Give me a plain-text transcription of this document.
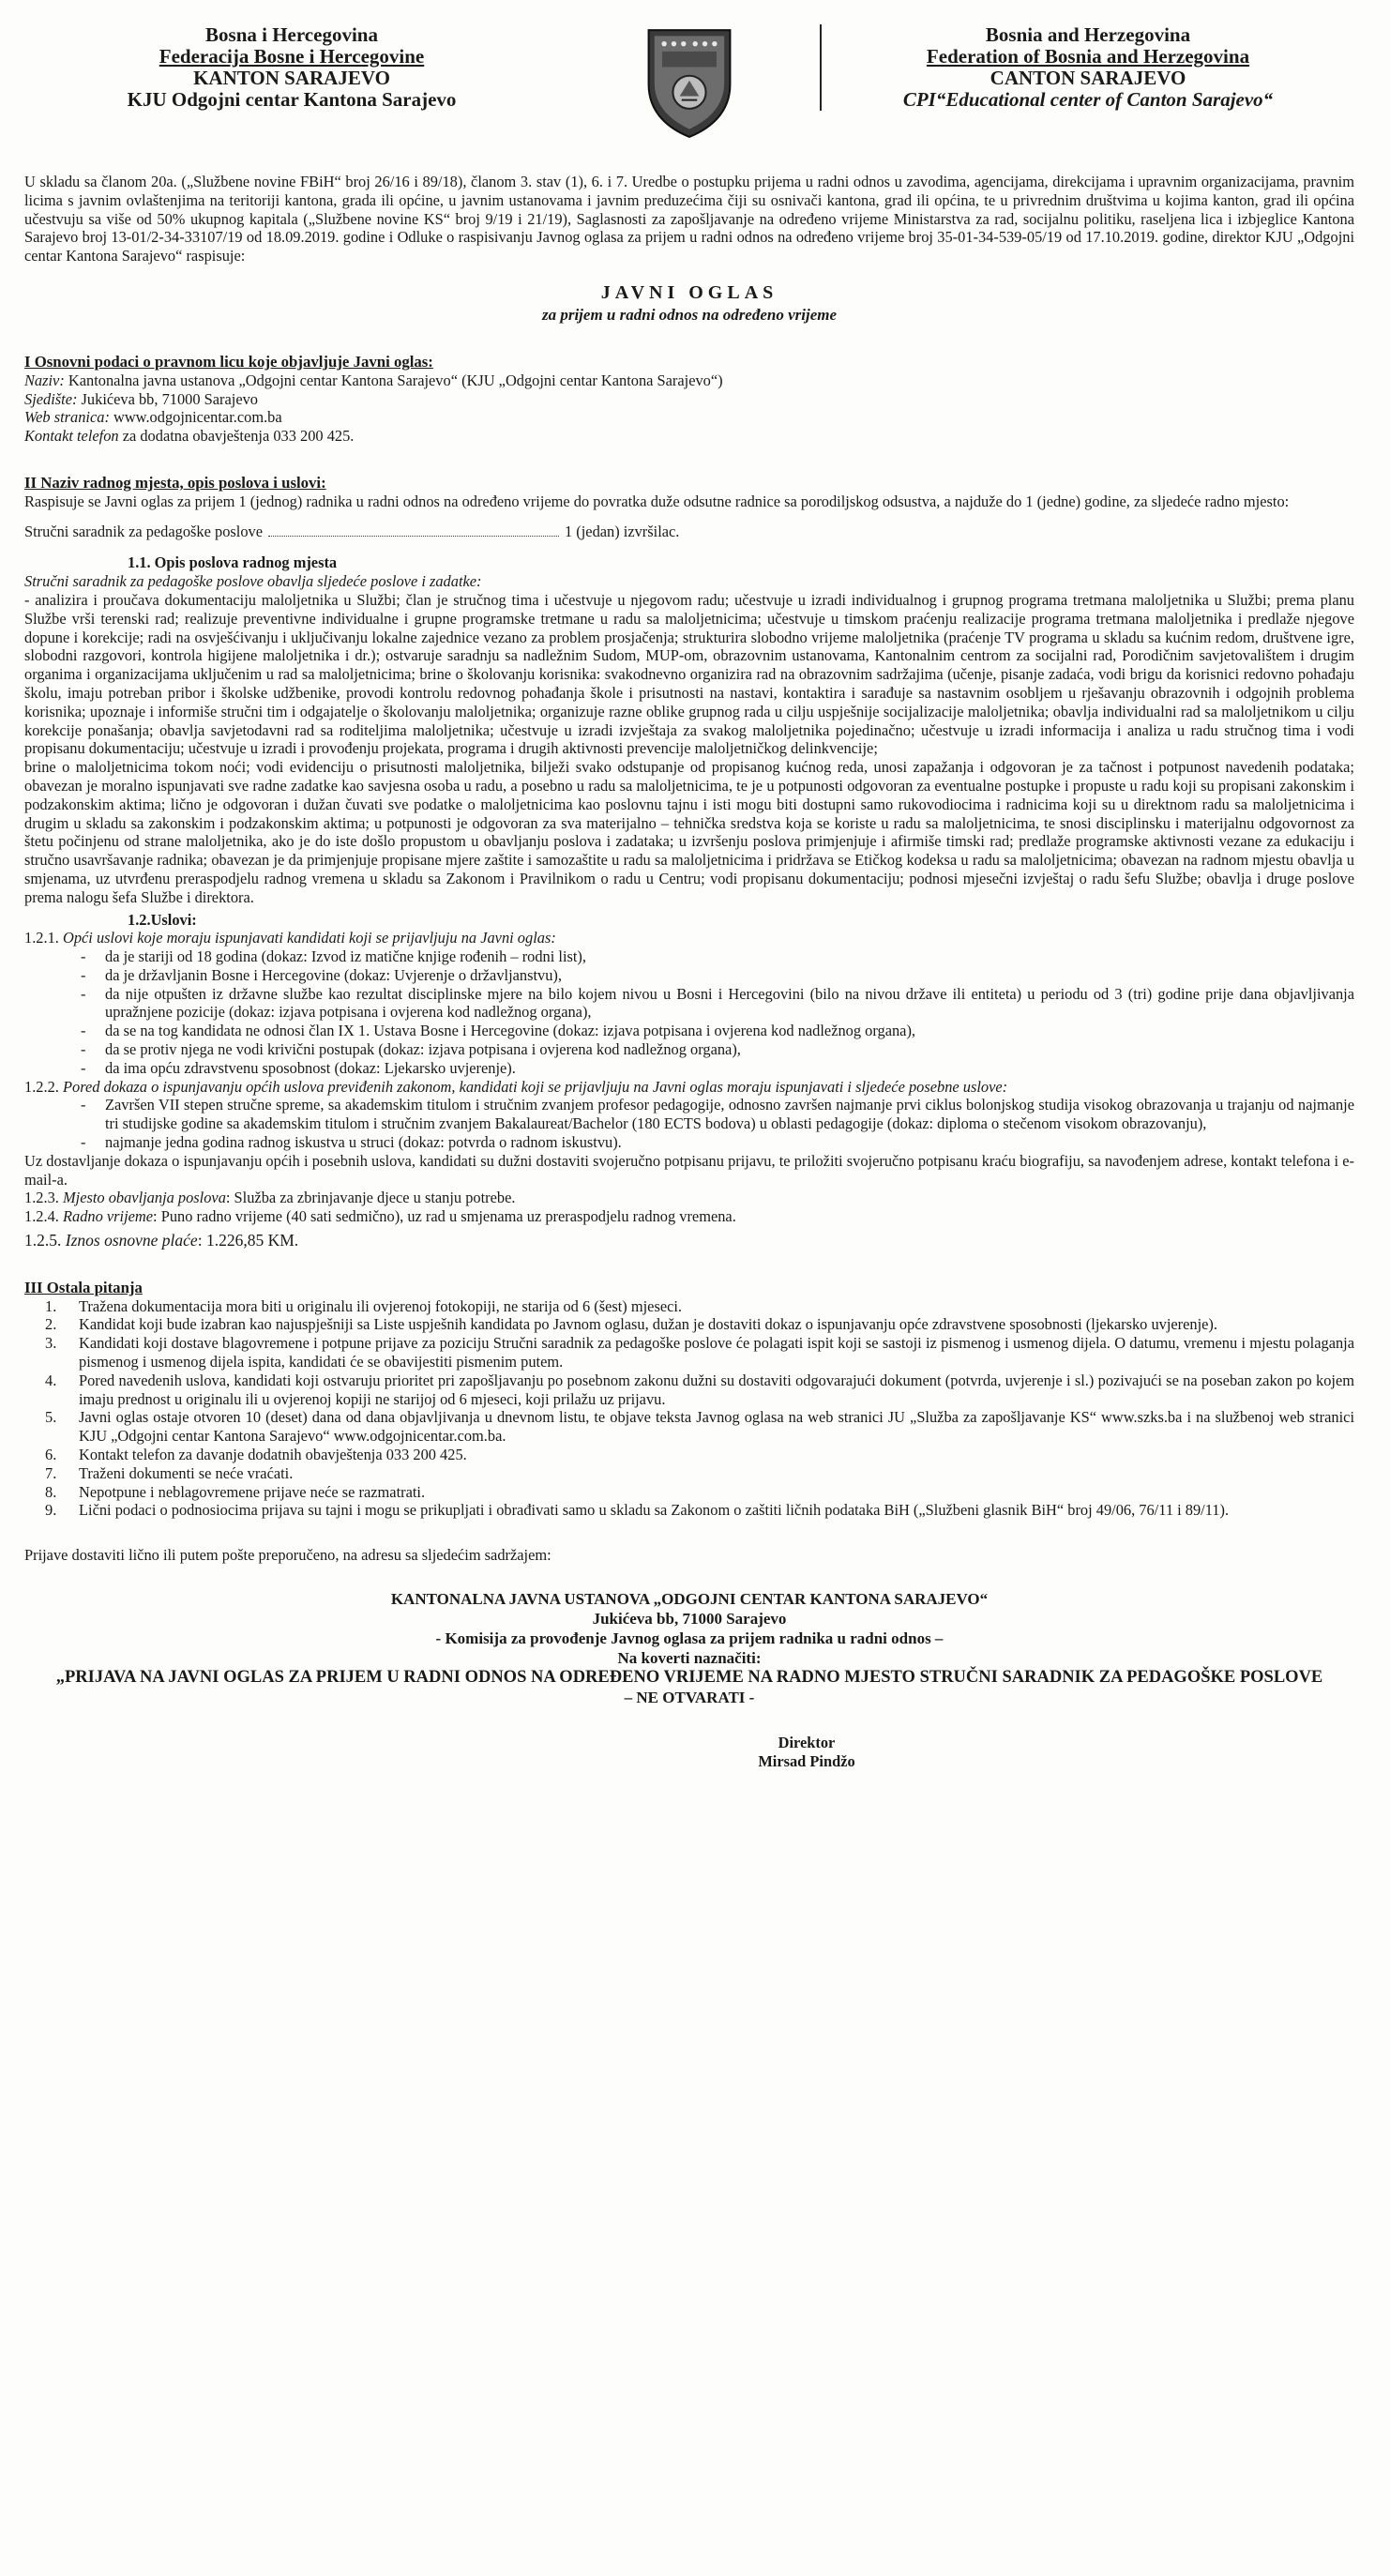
Bosna i Hercegovina
Federacija Bosne i Hercegovine
KANTON SARAJEVO
KJU Odgojni centar Kantona Sarajevo
Bosnia and Herzegovina
Federation of Bosnia and Herzegovina
CANTON SARAJEVO
CPI“Educational center of Canton Sarajevo“

U skladu sa članom 20a. („Službene novine FBiH“ broj 26/16 i 89/18), članom 3. stav (1), 6. i 7. Uredbe o postupku prijema u radni odnos u zavodima, agencijama, direkcijama i upravnim organizacijama, pravnim licima s javnim ovlaštenjima na teritoriji kantona, grada ili općine, u javnim ustanovama i javnim preduzećima čiji su osnivači kantona, grad ili općina, te u privrednim društvima u kojima kanton, grad ili općina učestvuju sa više od 50% ukupnog kapitala („Službene novine KS“ broj 9/19 i 21/19), Saglasnosti za zapošljavanje na određeno vrijeme Ministarstva za rad, socijalnu politiku, raseljena lica i izbjeglice Kantona Sarajevo broj 13-01/2-34-33107/19 od 18.09.2019. godine i Odluke o raspisivanju Javnog oglasa za prijem u radni odnos na određeno vrijeme broj 35-01-34-539-05/19 od 17.10.2019. godine, direktor KJU „Odgojni centar Kantona Sarajevo“ raspisuje:

JAVNI OGLAS
za prijem u radni odnos na određeno vrijeme
I Osnovni podaci o pravnom licu koje objavljuje Javni oglas:
Naziv: Kantonalna javna ustanova „Odgojni centar Kantona Sarajevo“ (KJU „Odgojni centar Kantona Sarajevo“)
Sjedište: Jukićeva bb, 71000 Sarajevo
Web stranica: www.odgojnicentar.com.ba
Kontakt telefon za dodatna obavještenja 033 200 425.
II Naziv radnog mjesta, opis poslova i uslovi:

Raspisuje se Javni oglas za prijem 1 (jednog) radnika u radni odnos na određeno vrijeme do povratka duže odsutne radnice sa porodiljskog odsustva, a najduže do 1 (jedne) godine, za sljedeće radno mjesto:

Stručni saradnik za pedagoške poslove	1 (jedan) izvršilac.
1.1. Opis poslova radnog mjesta
Stručni saradnik za pedagoške poslove obavlja sljedeće poslove i zadatke:

- analizira i proučava dokumentaciju maloljetnika u Službi; član je stručnog tima i učestvuje u njegovom radu; učestvuje u izradi individualnog i grupnog programa tretmana maloljetnika u Službi; prema planu Službe vrši terenski rad; realizuje preventivne individualne i grupne programske tretmane u radu sa maloljetnicima; učestvuje u timskom praćenju realizacije programa tretmana maloljetnika i predlaže njegove dopune i korekcije; radi na osvješćivanju i uključivanju lokalne zajednice vezano za problem prosjačenja; strukturira slobodno vrijeme maloljetnika (praćenje TV programa u skladu sa kućnim redom, društvene igre, slobodni razgovori, kontrola higijene maloljetnika i dr.); ostvaruje saradnju sa nadležnim Sudom, MUP-om, obrazovnim ustanovama, Kantonalnim centrom za socijalni rad, Porodičnim savjetovalištem i drugim organima i organizacijama uključenim u rad sa maloljetnicima; brine o školovanju korisnika: svakodnevno organizira rad na obrazovnim sadržajima (učenje, pisanje zadaća, vodi brigu da korisnici redovno pohađaju školu, imaju potreban pribor i školske udžbenike, provodi kontrolu redovnog pohađanja škole i prisutnosti na nastavi, kontaktira i sarađuje sa nastavnim osobljem u rješavanju obrazovnih i odgojnih problema korisnika; upoznaje i informiše stručni tim i odgajatelje o školovanju maloljetnika; organizuje razne oblike grupnog rada u cilju uspješnije socijalizacije maloljetnika; obavlja individualni rad sa maloljetnikom u cilju korekcije ponašanja; obavlja savjetodavni rad sa roditeljima maloljetnika; učestvuje u izradi izvještaja za svakog maloljetnika pojedinačno; učestvuje u izradi informacija i analiza u radu stručnog tima i vodi propisanu dokumentaciju; učestvuje u izradi i provođenju projekata, programa i drugih aktivnosti prevencije maloljetničkog delinkvencije;

brine o maloljetnicima tokom noći; vodi evidenciju o prisutnosti maloljetnika, bilježi svako odstupanje od propisanog kućnog reda, unosi zapažanja i odgovoran je za tačnost i potpunost navedenih podataka; obavezan je moralno ispunjavati sve radne zadatke kao savjesna osoba u radu, a posebno u radu sa maloljetnicima, te je u potpunosti odgovoran za eventualne postupke i propuste u radu koji su propisani zakonskim i podzakonskim aktima; lično je odgovoran i dužan čuvati sve podatke o maloljetnicima kao poslovnu tajnu i isti mogu biti dostupni samo rukovodiocima i radnicima koji su u direktnom radu sa maloljetnicima i drugim u skladu sa zakonskim i podzakonskim aktima; u potpunosti je odgovoran za sva materijalno – tehnička sredstva koja se koriste u radu sa maloljetnicima, te snosi disciplinsku i materijalnu odgovornost za štetu počinjenu od strane maloljetnika, ako je do iste došlo propustom u obavljanju poslova i zadataka; u izvršenju poslova primjenjuje i afirmiše timski rad; predlaže programske aktivnosti vezane za edukaciju i stručno usavršavanje radnika; obavezan je da primjenjuje propisane mjere zaštite i samozaštite u radu sa maloljetnicima i pridržava se Etičkog kodeksa u radu sa maloljetnicima; obavezan na radnom mjestu obavlja u smjenama, uz utvrđenu preraspodjelu radnog vremena u skladu sa Zakonom i Pravilnikom o radu u Centru; vodi propisanu dokumentaciju; podnosi mjesečni izvještaj o radu šefu Službe; obavlja i druge poslove prema nalogu šefa Službe i direktora.

1.2.Uslovi:
1.2.1. Opći uslovi koje moraju ispunjavati kandidati koji se prijavljuju na Javni oglas:
- da je stariji od 18 godina (dokaz: Izvod iz matične knjige rođenih – rodni list),
- da je državljanin Bosne i Hercegovine (dokaz: Uvjerenje o državljanstvu),
- da nije otpušten iz državne službe kao rezultat disciplinske mjere na bilo kojem nivou u Bosni i Hercegovini (bilo na nivou države ili entiteta) u periodu od 3 (tri) godine prije dana objavljivanja upražnjene pozicije (dokaz: izjava potpisana i ovjerena kod nadležnog organa),
- da se na tog kandidata ne odnosi član IX 1. Ustava Bosne i Hercegovine (dokaz: izjava potpisana i ovjerena kod nadležnog organa),
- da se protiv njega ne vodi krivični postupak (dokaz: izjava potpisana i ovjerena kod nadležnog organa),
- da ima opću zdravstvenu sposobnost (dokaz: Ljekarsko uvjerenje).
1.2.2. Pored dokaza o ispunjavanju općih uslova previđenih zakonom, kandidati koji se prijavljuju na Javni oglas moraju ispunjavati i sljedeće posebne uslove:
- Završen VII stepen stručne spreme, sa akademskim titulom i stručnim zvanjem profesor pedagogije, odnosno završen najmanje prvi ciklus bolonjskog studija visokog obrazovanja u trajanju od najmanje tri studijske godine sa akademskim titulom i stručnim zvanjem Bakalaureat/Bachelor (180 ECTS bodova) u oblasti pedagogije (dokaz: diploma o stečenom visokom obrazovanju),
- najmanje jedna godina radnog iskustva u struci (dokaz: potvrda o radnom iskustvu).

Uz dostavljanje dokaza o ispunjavanju općih i posebnih uslova, kandidati su dužni dostaviti svojeručno potpisanu prijavu, te priložiti svojeručno potpisanu kraću biografiju, sa navođenjem adrese, kontakt telefona i e-mail-a.

1.2.3. Mjesto obavljanja poslova: Služba za zbrinjavanje djece u stanju potrebe.
1.2.4. Radno vrijeme: Puno radno vrijeme (40 sati sedmično), uz rad u smjenama uz preraspodjelu radnog vremena.
1.2.5. Iznos osnovne plaće: 1.226,85 KM.
III Ostala pitanja
1. Tražena dokumentacija mora biti u originalu ili ovjerenoj fotokopiji, ne starija od 6 (šest) mjeseci.
2. Kandidat koji bude izabran kao najuspješniji sa Liste uspješnih kandidata po Javnom oglasu, dužan je dostaviti dokaz o ispunjavanju opće zdravstvene sposobnosti (ljekarsko uvjerenje).
3. Kandidati koji dostave blagovremene i potpune prijave za poziciju Stručni saradnik za pedagoške poslove će polagati ispit koji se sastoji iz pismenog i usmenog dijela. O datumu, vremenu i mjestu polaganja pismenog i usmenog dijela ispita, kandidati će se obavijestiti pismenim putem.
4. Pored navedenih uslova, kandidati koji ostvaruju prioritet pri zapošljavanju po posebnom zakonu dužni su dostaviti odgovarajući dokument (potvrda, uvjerenje i sl.) pozivajući se na poseban zakon po kojem imaju prednost u originalu ili u ovjerenoj kopiji ne starijoj od 6 mjeseci, koji prilažu uz prijavu.
5. Javni oglas ostaje otvoren 10 (deset) dana od dana objavljivanja u dnevnom listu, te objave teksta Javnog oglasa na web stranici JU „Služba za zapošljavanje KS“ www.szks.ba i na službenoj web stranici KJU „Odgojni centar Kantona Sarajevo“ www.odgojnicentar.com.ba.
6. Kontakt telefon za davanje dodatnih obavještenja 033 200 425.
7. Traženi dokumenti se neće vraćati.
8. Nepotpune i neblagovremene prijave neće se razmatrati.
9. Lični podaci o podnosiocima prijava su tajni i mogu se prikupljati i obrađivati samo u skladu sa Zakonom o zaštiti ličnih podataka BiH („Službeni glasnik BiH“ broj 49/06, 76/11 i 89/11).
Prijave dostaviti lično ili putem pošte preporučeno, na adresu sa sljedećim sadržajem:
KANTONALNA JAVNA USTANOVA „ODGOJNI CENTAR KANTONA SARAJEVO“
Jukićeva bb, 71000 Sarajevo
- Komisija za provođenje Javnog oglasa za prijem radnika u radni odnos –
Na koverti naznačiti:
„PRIJAVA NA JAVNI OGLAS ZA PRIJEM U RADNI ODNOS NA ODREĐENO VRIJEME NA RADNO MJESTO STRUČNI SARADNIK ZA PEDAGOŠKE POSLOVE
– NE OTVARATI -
Direktor
Mirsad Pindžo
